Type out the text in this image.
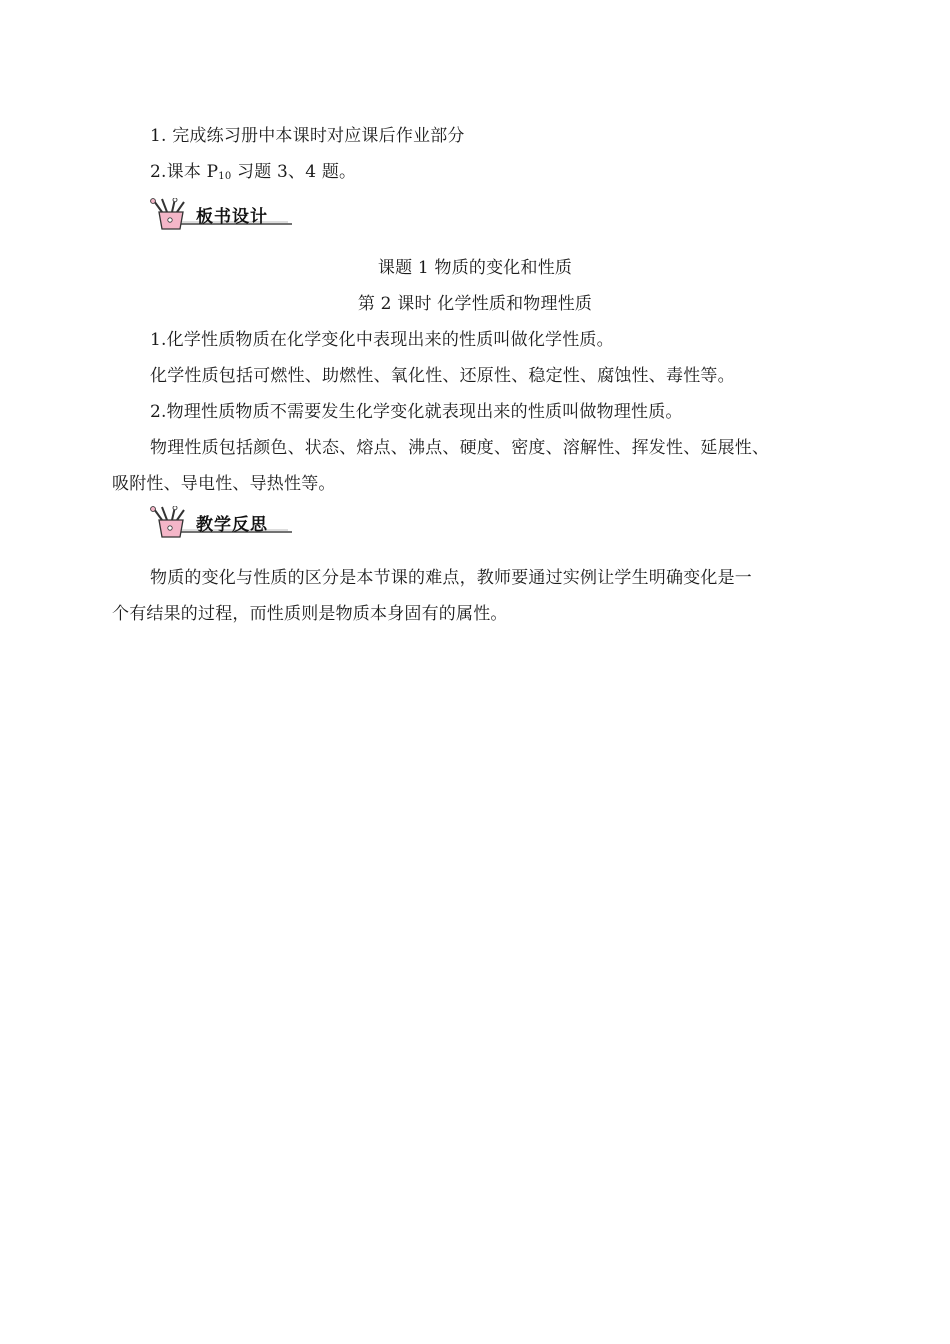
1. 完成练习册中本课时对应课后作业部分
2.课本 $P_{10}$ 习题 3、4 题。
板书设计
课题 1 物质的变化和性质
第 2 课时 化学性质和物理性质
1.化学性质物质在化学变化中表现出来的性质叫做化学性质。
化学性质包括可燃性、助燃性、氧化性、还原性、稳定性、腐蚀性、毒性等。
2.物理性质物质不需要发生化学变化就表现出来的性质叫做物理性质。
物理性质包括颜色、状态、熔点、沸点、硬度、密度、溶解性、挥发性、延展性、
吸附性、导电性、导热性等。
教学反思
物质的变化与性质的区分是本节课的难点，教师要通过实例让学生明确变化是一
个有结果的过程，而性质则是物质本身固有的属性。
